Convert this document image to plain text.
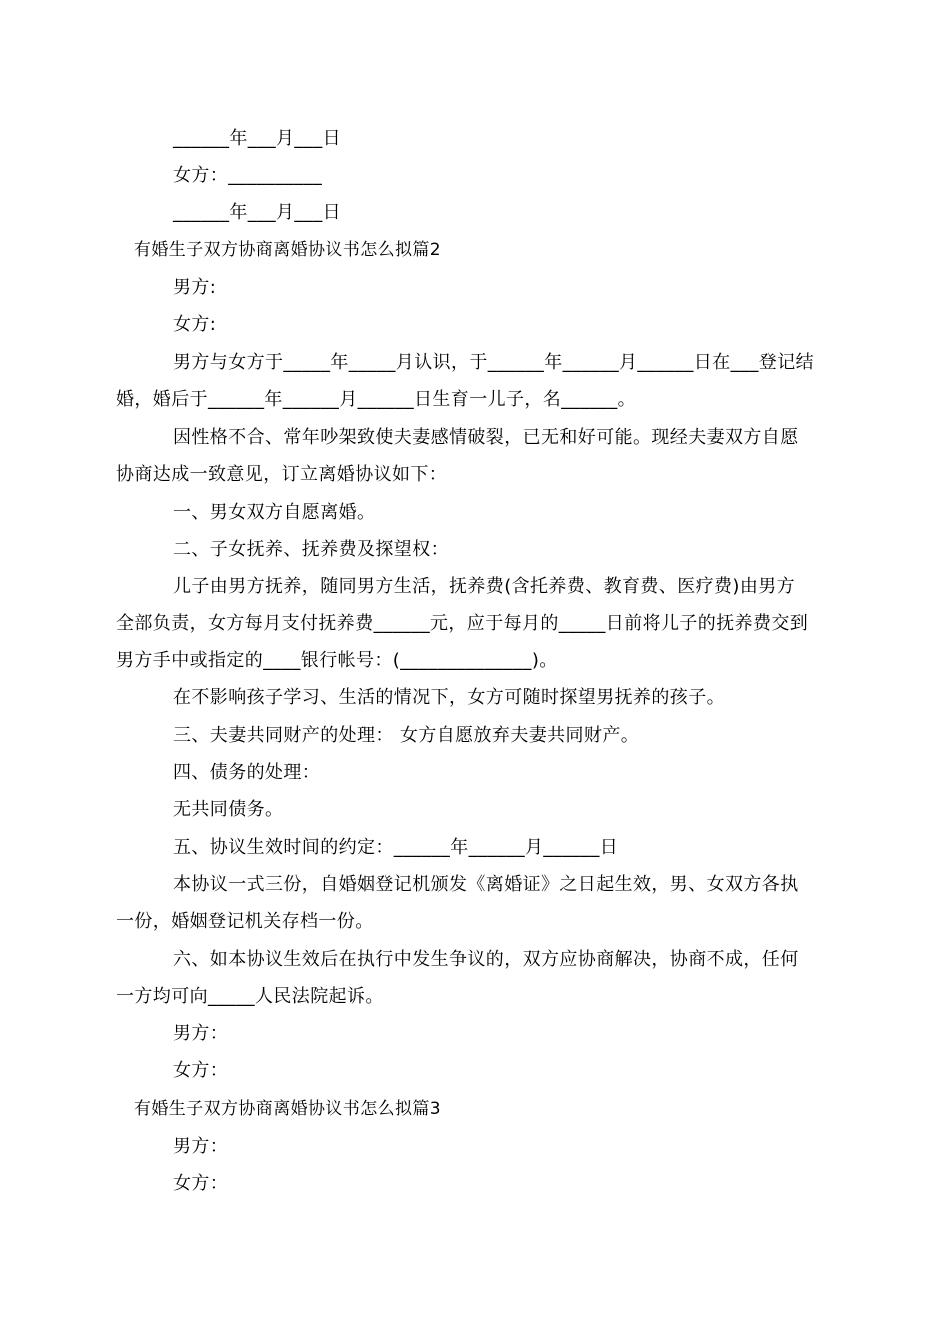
______年___月___日
女方：__________
______年___月___日
有婚生子双方协商离婚协议书怎么拟篇2
男方:
女方:
男方与女方于_____年_____月认识，于______年______月______日在___登记结
婚，婚后于______年______月______日生育一儿子，名______。
因性格不合、常年吵架致使夫妻感情破裂，已无和好可能。现经夫妻双方自愿
协商达成一致意见，订立离婚协议如下：
一、男女双方自愿离婚。
二、子女抚养、抚养费及探望权：
儿子由男方抚养，随同男方生活，抚养费(含托养费、教育费、医疗费)由男方
全部负责，女方每月支付抚养费______元，应于每月的_____日前将儿子的抚养费交到
男方手中或指定的____银行帐号：(______________)。
在不影响孩子学习、生活的情况下，女方可随时探望男抚养的孩子。
三、夫妻共同财产的处理： 女方自愿放弃夫妻共同财产。
四、债务的处理：
无共同债务。
五、协议生效时间的约定：______年______月______日
本协议一式三份，自婚姻登记机颁发《离婚证》之日起生效，男、女双方各执
一份，婚姻登记机关存档一份。
六、如本协议生效后在执行中发生争议的，双方应协商解决，协商不成，任何
一方均可向_____人民法院起诉。
男方：
女方：
有婚生子双方协商离婚协议书怎么拟篇3
男方：
女方：
